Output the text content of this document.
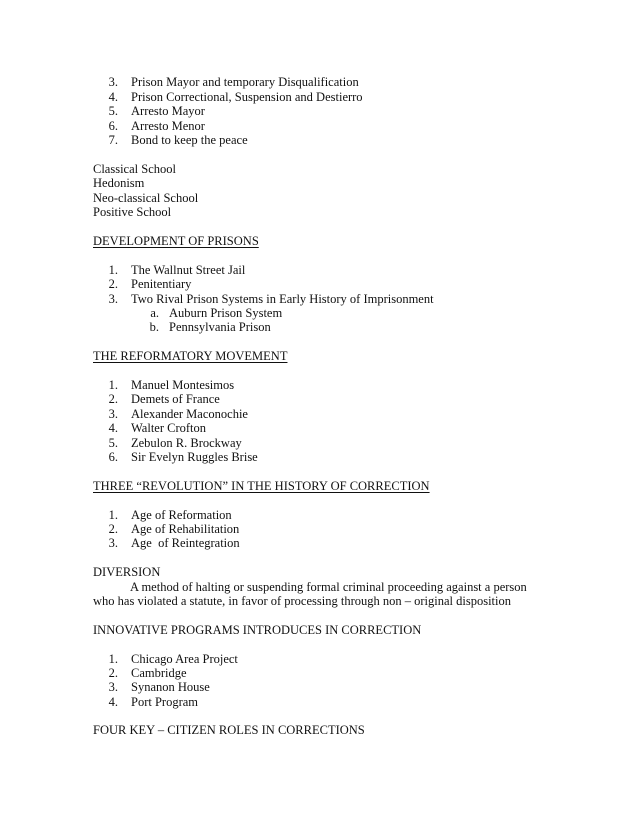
3. Prison Mayor and temporary Disqualification
4. Prison Correctional, Suspension and Destierro
5. Arresto Mayor
6. Arresto Menor
7. Bond to keep the peace
Classical School
Hedonism
Neo-classical School
Positive School
DEVELOPMENT OF PRISONS
1. The Wallnut Street Jail
2. Penitentiary
3. Two Rival Prison Systems in Early History of Imprisonment
a. Auburn Prison System
b. Pennsylvania Prison
THE REFORMATORY MOVEMENT
1. Manuel Montesimos
2. Demets of France
3. Alexander Maconochie
4. Walter Crofton
5. Zebulon R. Brockway
6. Sir Evelyn Ruggles Brise
THREE “REVOLUTION” IN THE HISTORY OF CORRECTION
1. Age of Reformation
2. Age of Rehabilitation
3. Age  of Reintegration
DIVERSION
A method of halting or suspending formal criminal proceeding against a person
who has violated a statute, in favor of processing through non – original disposition
INNOVATIVE PROGRAMS INTRODUCES IN CORRECTION
1. Chicago Area Project
2. Cambridge
3. Synanon House
4. Port Program
FOUR KEY – CITIZEN ROLES IN CORRECTIONS
